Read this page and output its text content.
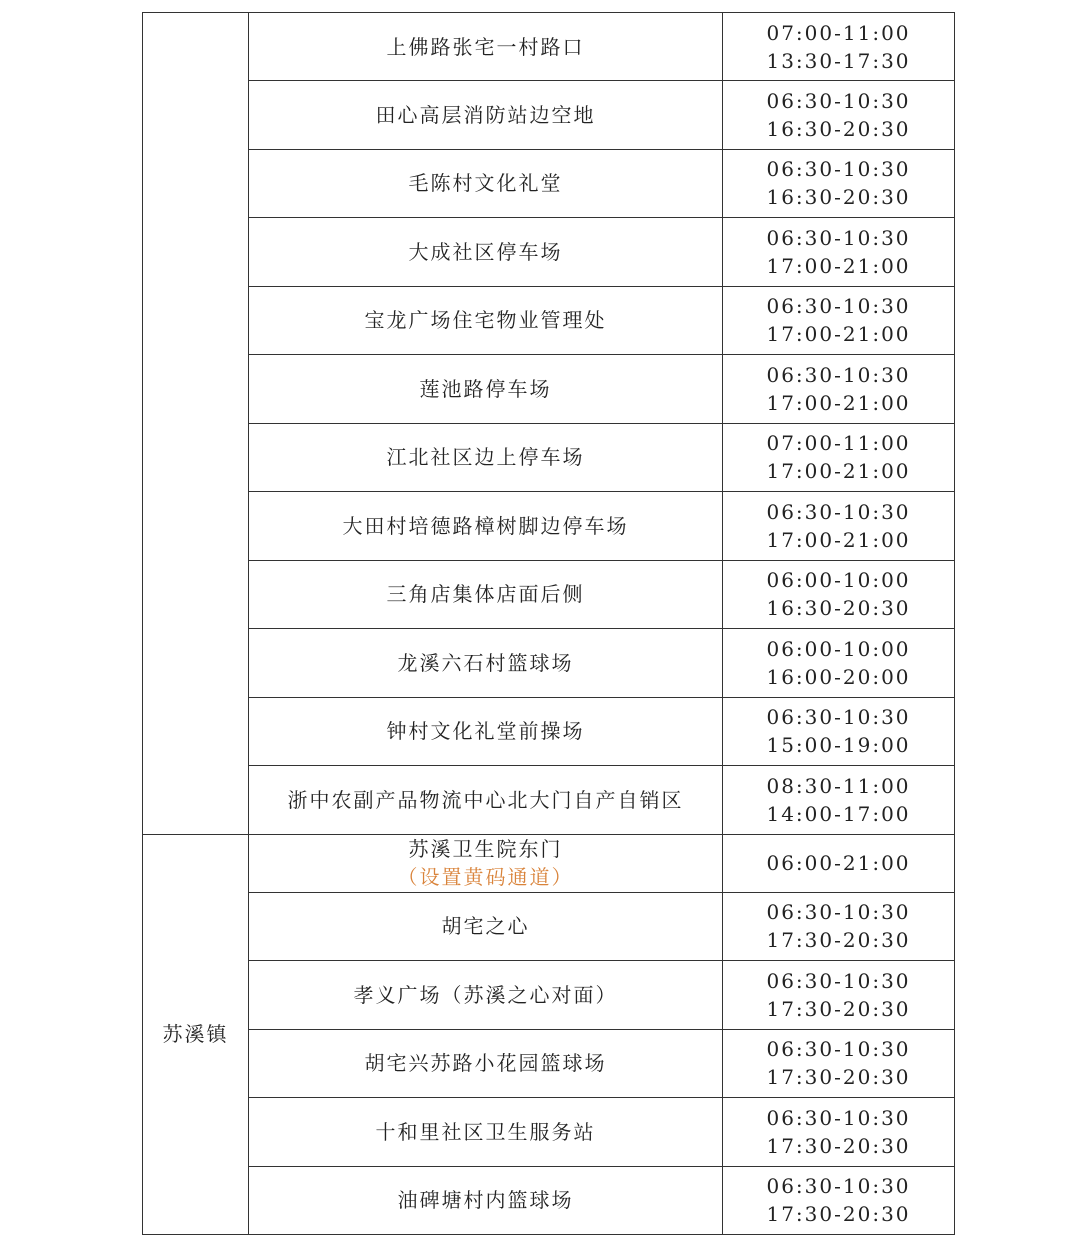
	上佛路张宅一村路口	07:00-11:00
13:30-17:30

	田心高层消防站边空地	06:30-10:30
16:30-20:30

	毛陈村文化礼堂	06:30-10:30
16:30-20:30

	大成社区停车场	06:30-10:30
17:00-21:00

	宝龙广场住宅物业管理处	06:30-10:30
17:00-21:00

	莲池路停车场	06:30-10:30
17:00-21:00

	江北社区边上停车场	07:00-11:00
17:00-21:00

	大田村培德路樟树脚边停车场	06:30-10:30
17:00-21:00

	三角店集体店面后侧	06:00-10:00
16:30-20:30

	龙溪六石村篮球场	06:00-10:00
16:00-20:00

	钟村文化礼堂前操场	06:30-10:30
15:00-19:00

	浙中农副产品物流中心北大门自产自销区	08:30-11:00
14:00-17:00

苏溪镇	苏溪卫生院东门
（设置黄码通道）	06:00-21:00

	胡宅之心	06:30-10:30
17:30-20:30

	孝义广场（苏溪之心对面）	06:30-10:30
17:30-20:30

	胡宅兴苏路小花园篮球场	06:30-10:30
17:30-20:30

	十和里社区卫生服务站	06:30-10:30
17:30-20:30

	油碑塘村内篮球场	06:30-10:30
17:30-20:30
